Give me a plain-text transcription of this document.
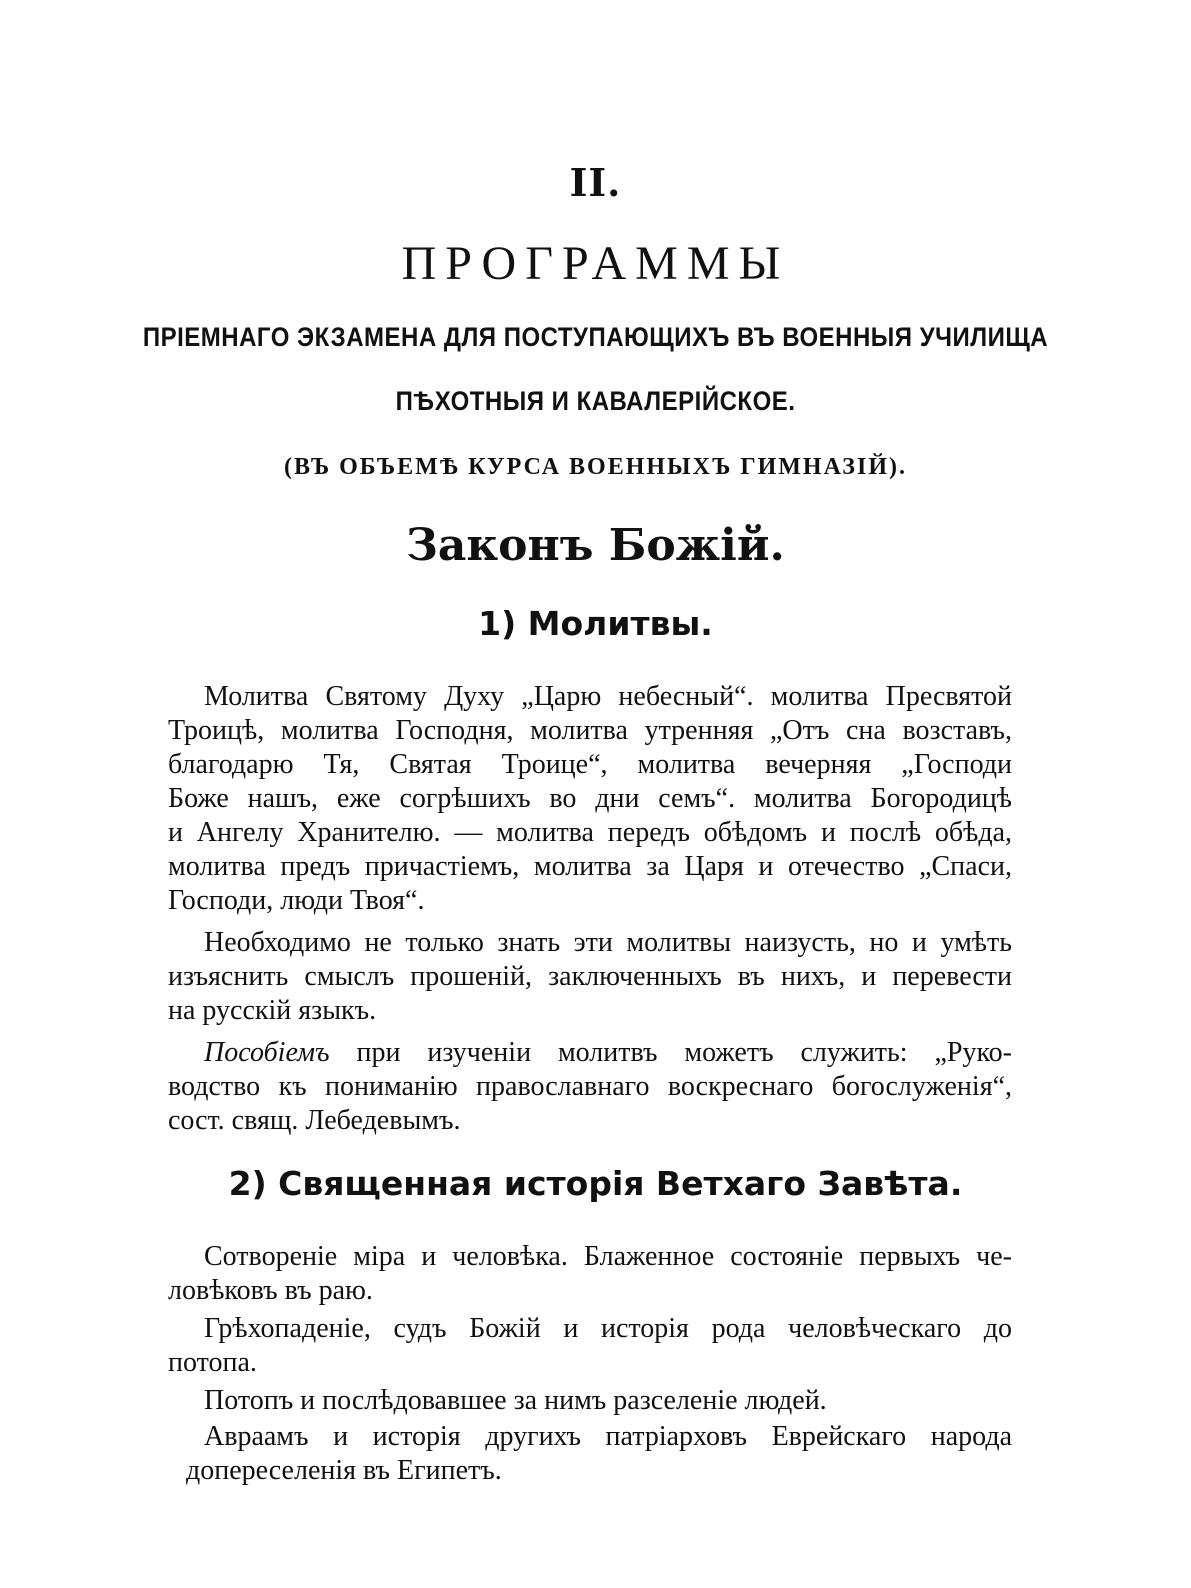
II.
ПРОГРАММЫ
ПРІЕМНАГО ЭКЗАМЕНА ДЛЯ ПОСТУПАЮЩИХЪ ВЪ ВОЕННЫЯ УЧИЛИЩА
ПѢХОТНЫЯ И КАВАЛЕРІЙСКОЕ.
(ВЪ ОБЪЕМѢ КУРСА ВОЕННЫХЪ ГИМНАЗІЙ).
Законъ Божій.
1) Молитвы.
Молитва Святому Духу „Царю небесный“. молитва Пресвятой
Троицѣ, молитва Господня, молитва утренняя „Отъ сна возставъ,
благодарю Тя, Святая Троице“, молитва вечерняя „Господи
Боже нашъ, еже согрѣшихъ во дни семъ“. молитва Богородицѣ
и Ангелу Хранителю. — молитва передъ обѣдомъ и послѣ обѣда,
молитва предъ причастіемъ, молитва за Царя и отечество „Спаси,
Господи, люди Твоя“.
Необходимо не только знать эти молитвы наизусть, но и умѣть
изъяснить смыслъ прошеній, заключенныхъ въ нихъ, и перевести
на русскій языкъ.
Пособіемъ при изученіи молитвъ можетъ служить: „Руко-
водство къ пониманію православнаго воскреснаго богослуженія“,
сост. свящ. Лебедевымъ.
2) Священная исторія Ветхаго Завѣта.
Сотвореніе міра и человѣка. Блаженное состояніе первыхъ че-
ловѣковъ въ раю.
Грѣхопаденіе, судъ Божій и исторія рода человѣческаго до
потопа.
Потопъ и послѣдовавшее за нимъ разселеніе людей.
Авраамъ и исторія другихъ патріарховъ Еврейскаго народа
допереселенія въ Египетъ.
